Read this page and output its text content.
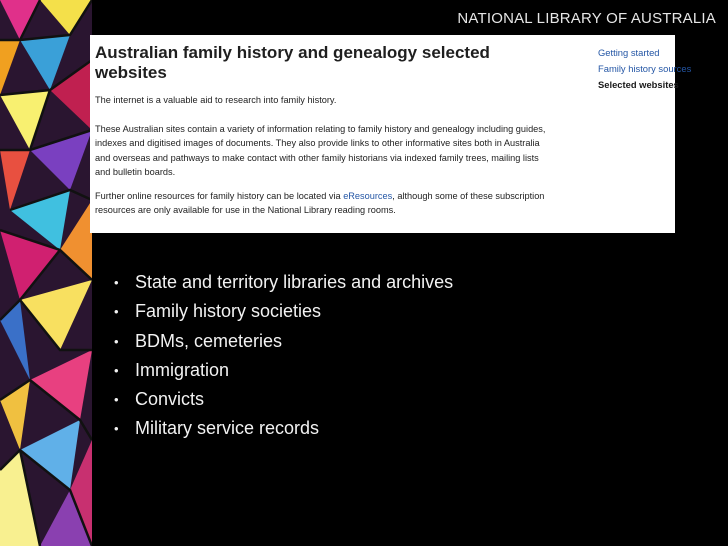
NATIONAL LIBRARY OF AUSTRALIA
Australian family history and genealogy selected websites

The internet is a valuable aid to research into family history.

These Australian sites contain a variety of information relating to family history and genealogy including guides, indexes and digitised images of documents. They also provide links to other informative sites both in Australia and overseas and pathways to make contact with other family historians via indexed family trees, mailing lists and bulletin boards.

Further online resources for family history can be located via eResources, although some of these subscription resources are only available for use in the National Library reading rooms.

Getting started
Family history sources
Selected websites
• State and territory libraries and archives
• Family history societies
• BDMs, cemeteries
• Immigration
• Convicts
• Military service records
